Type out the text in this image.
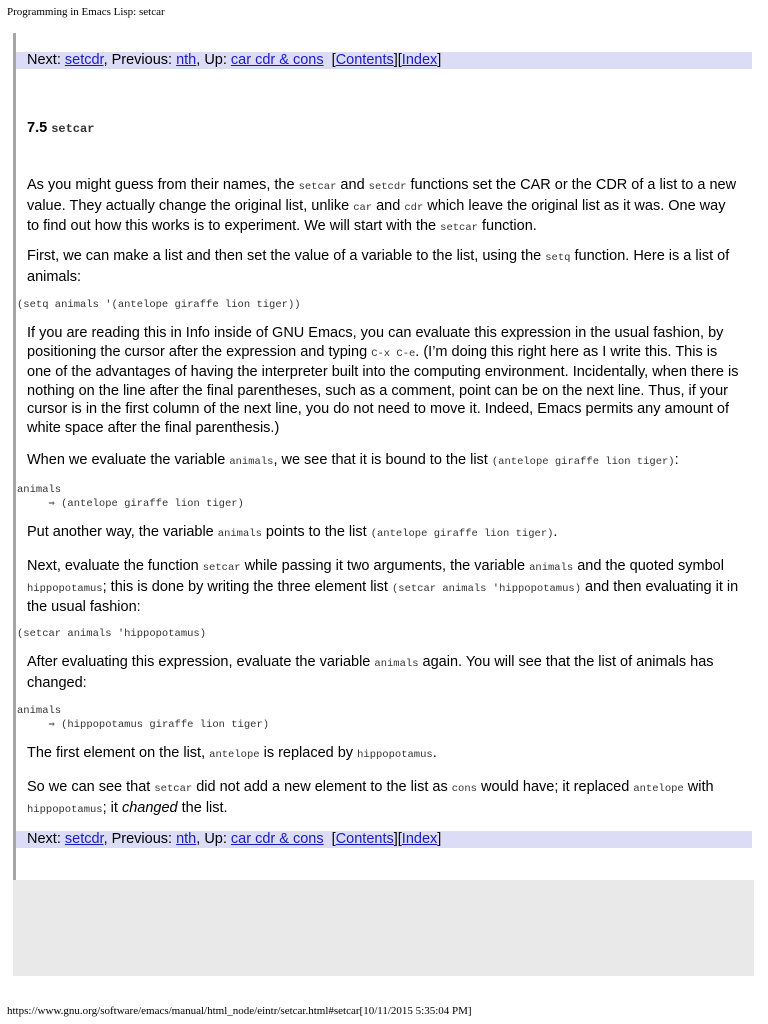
Programming in Emacs Lisp: setcar
Next: setcdr, Previous: nth, Up: car cdr & cons [Contents][Index]
7.5 setcar

As you might guess from their names, the setcar and setcdr functions set the CAR or the CDR of a list to a new value. They actually change the original list, unlike car and cdr which leave the original list as it was. One way to find out how this works is to experiment. We will start with the setcar function.

First, we can make a list and then set the value of a variable to the list, using the setq function. Here is a list of animals:

(setq animals '(antelope giraffe lion tiger))

If you are reading this in Info inside of GNU Emacs, you can evaluate this expression in the usual fashion, by positioning the cursor after the expression and typing C-x C-e. (I’m doing this right here as I write this. This is one of the advantages of having the interpreter built into the computing environment. Incidentally, when there is nothing on the line after the final parentheses, such as a comment, point can be on the next line. Thus, if your cursor is in the first column of the next line, you do not need to move it. Indeed, Emacs permits any amount of white space after the final parenthesis.)

When we evaluate the variable animals, we see that it is bound to the list (antelope giraffe lion tiger):

animals
⇒ (antelope giraffe lion tiger)

Put another way, the variable animals points to the list (antelope giraffe lion tiger).

Next, evaluate the function setcar while passing it two arguments, the variable animals and the quoted symbol hippopotamus; this is done by writing the three element list (setcar animals 'hippopotamus) and then evaluating it in the usual fashion:

(setcar animals 'hippopotamus)

After evaluating this expression, evaluate the variable animals again. You will see that the list of animals has changed:

animals
⇒ (hippopotamus giraffe lion tiger)

The first element on the list, antelope is replaced by hippopotamus.

So we can see that setcar did not add a new element to the list as cons would have; it replaced antelope with hippopotamus; it changed the list.

Next: setcdr, Previous: nth, Up: car cdr & cons [Contents][Index]
https://www.gnu.org/software/emacs/manual/html_node/eintr/setcar.html#setcar[10/11/2015 5:35:04 PM]
